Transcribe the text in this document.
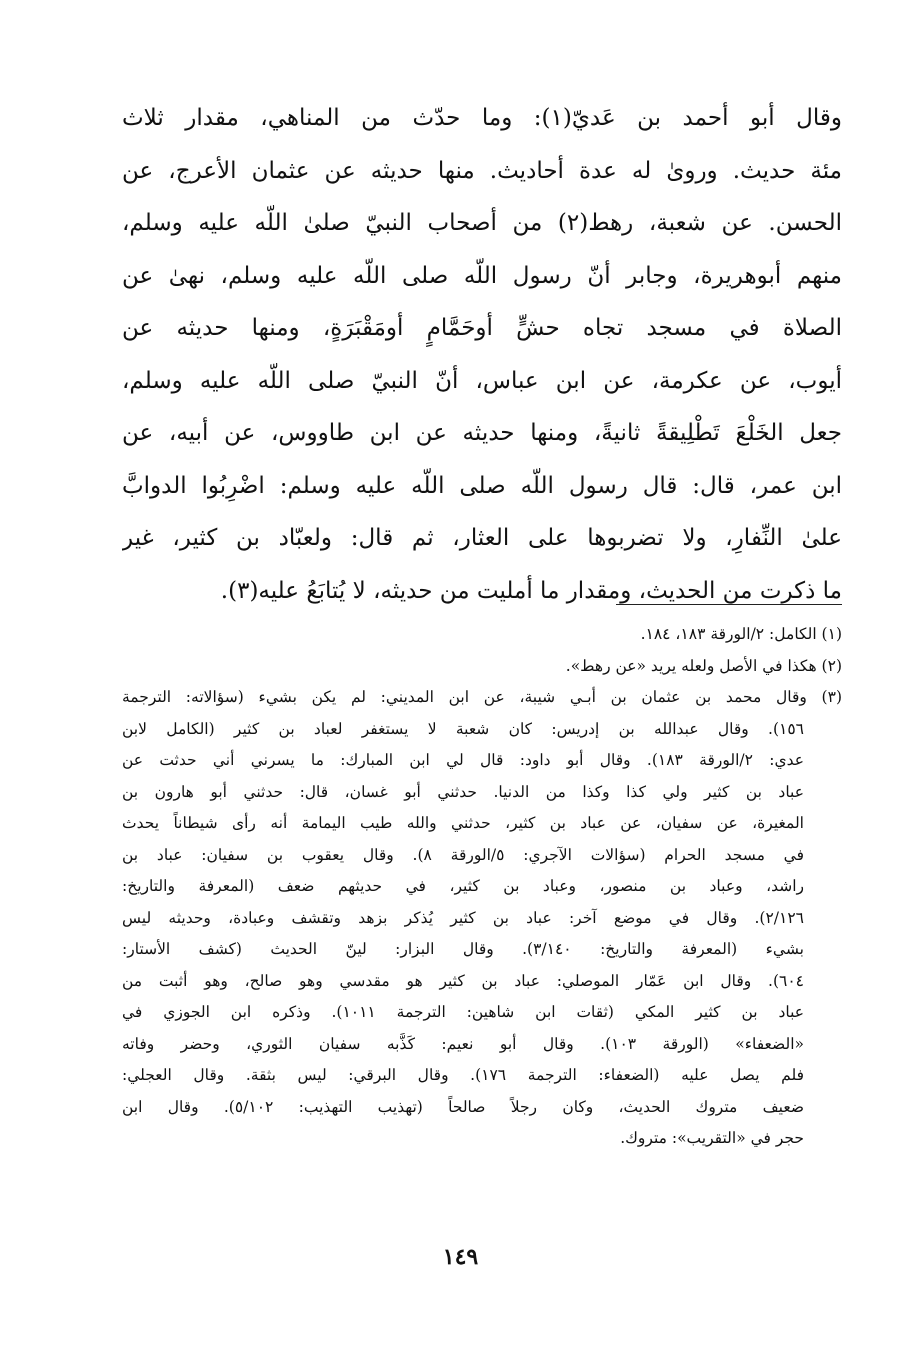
وقال أبو أحمد بن عَديّ(١): وما حدّث من المناهي، مقدار ثلاث
مئة حديث. وروىٰ له عدة أحاديث. منها حديثه عن عثمان الأعرج، عن
الحسن. عن شعبة، رهط(٢) من أصحاب النبيّ صلىٰ اللّه عليه وسلم،
منهم أبوهريرة، وجابر أنّ رسول اللّه صلى اللّه عليه وسلم، نهىٰ عن
الصلاة في مسجد تجاه حشٍّ أوحَمَّامٍ أومَقْبَرَةٍ، ومنها حديثه عن
أيوب، عن عكرمة، عن ابن عباس، أنّ النبيّ صلى اللّه عليه وسلم،
جعل الخَلْعَ تَطْلِيقةً ثانيةً، ومنها حديثه عن ابن طاووس، عن أبيه، عن
ابن عمر، قال: قال رسول اللّه صلى اللّه عليه وسلم: اضْرِبُوا الدوابَّ
علىٰ النِّفارِ، ولا تضربوها على العثار، ثم قال: ولعبّاد بن كثير، غير
ما ذكرت من الحديث، ومقدار ما أمليت من حديثه، لا يُتابَعُ عليه(٣).
(١) الكامل: ٢/الورقة ١٨٣، ١٨٤.
(٢) هكذا في الأصل ولعله يريد «عن رهط».
(٣) وقال محمد بن عثمان بن أبـي شيبة، عن ابن المديني: لم يكن بشيء (سؤالاته: الترجمة
١٥٦). وقال عبدالله بن إدريس: كان شعبة لا يستغفر لعباد بن كثير (الكامل لابن
عدي: ٢/الورقة ١٨٣). وقال أبو داود: قال لي ابن المبارك: ما يسرني أني حدثت عن
عباد بن كثير ولي كذا وكذا من الدنيا. حدثني أبو غسان، قال: حدثني أبو هارون بن
المغيرة، عن سفيان، عن عباد بن كثير، حدثني والله طيب اليمامة أنه رأى شيطاناً يحدث
في مسجد الحرام (سؤالات الآجري: ٥/الورقة ٨). وقال يعقوب بن سفيان: عباد بن
راشد، وعباد بن منصور، وعباد بن كثير، في حديثهم ضعف (المعرفة والتاريخ:
٢/١٢٦). وقال في موضع آخر: عباد بن كثير يُذكر بزهد وتقشف وعبادة، وحديثه ليس
بشيء (المعرفة والتاريخ: ٣/١٤٠). وقال البزار: لينّ الحديث (كشف الأستار:
٦٠٤). وقال ابن عَمّار الموصلي: عباد بن كثير هو مقدسي وهو صالح، وهو أثبت من
عباد بن كثير المكي (ثقات ابن شاهين: الترجمة ١٠١١). وذكره ابن الجوزي في
«الضعفاء» (الورقة ١٠٣). وقال أبو نعيم: كَذَّبه سفيان الثوري، وحضر وفاته
فلم يصل عليه (الضعفاء: الترجمة ١٧٦). وقال البرقي: ليس بثقة. وقال العجلي:
ضعيف متروك الحديث، وكان رجلاً صالحاً (تهذيب التهذيب: ٥/١٠٢). وقال ابن
حجر في «التقريب»: متروك.
١٤٩
